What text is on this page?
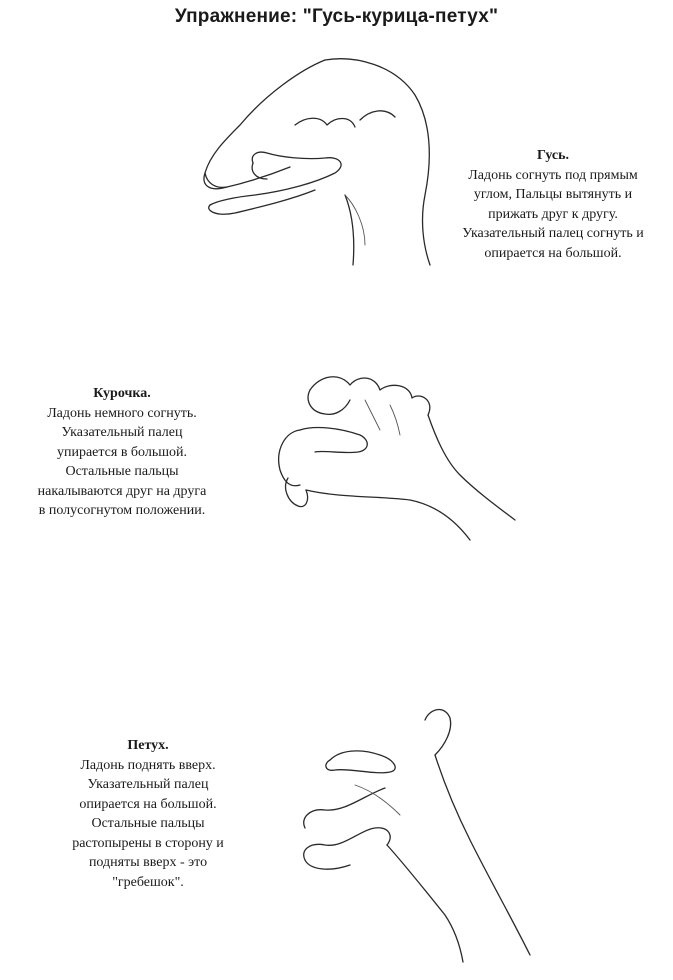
Упражнение: "Гусь-курица-петух"
Гусь.
Ладонь согнуть под прямым
углом, Пальцы вытянуть и
прижать друг к другу.
Указательный палец согнуть и
опирается на большой.
Курочка.
Ладонь немного согнуть.
Указательный палец
упирается в большой.
Остальные пальцы
накалываются друг на друга
в полусогнутом положении.
Петух.
Ладонь поднять вверх.
Указательный палец
опирается на большой.
Остальные пальцы
растопырены в сторону и
подняты вверх - это
"гребешок".
